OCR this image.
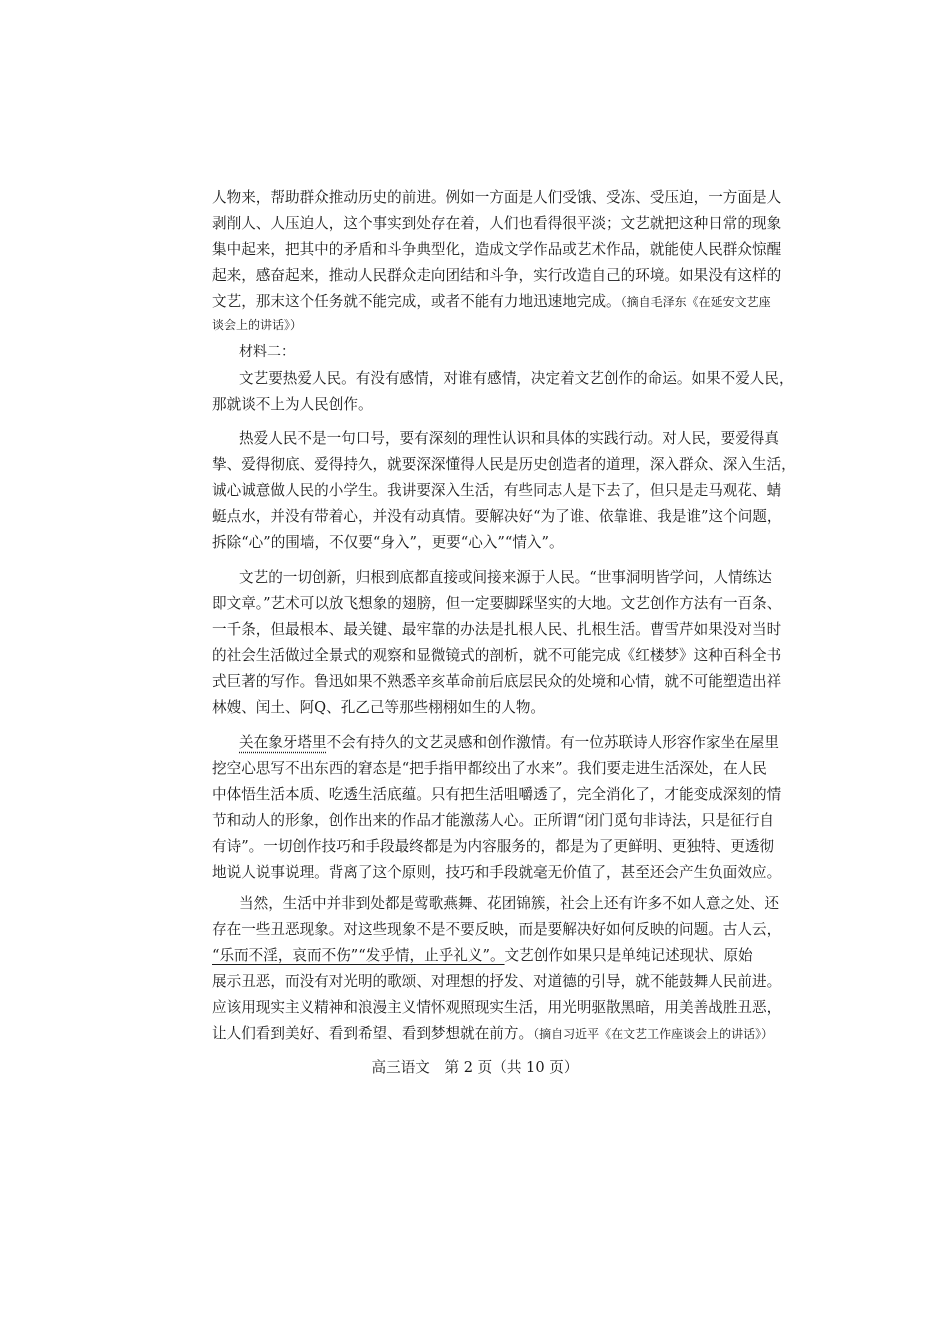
人物来，帮助群众推动历史的前进。例如一方面是人们受饿、受冻、受压迫，一方面是人
剥削人、人压迫人，这个事实到处存在着，人们也看得很平淡；文艺就把这种日常的现象
集中起来，把其中的矛盾和斗争典型化，造成文学作品或艺术作品，就能使人民群众惊醒
起来，感奋起来，推动人民群众走向团结和斗争，实行改造自己的环境。如果没有这样的
文艺，那末这个任务就不能完成，或者不能有力地迅速地完成。（摘自毛泽东《在延安文艺座
谈会上的讲话》）
材料二：
文艺要热爱人民。有没有感情，对谁有感情，决定着文艺创作的命运。如果不爱人民，
那就谈不上为人民创作。
热爱人民不是一句口号，要有深刻的理性认识和具体的实践行动。对人民，要爱得真
挚、爱得彻底、爱得持久，就要深深懂得人民是历史创造者的道理，深入群众、深入生活，
诚心诚意做人民的小学生。我讲要深入生活，有些同志人是下去了，但只是走马观花、蜻
蜓点水，并没有带着心，并没有动真情。要解决好“为了谁、依靠谁、我是谁”这个问题，
拆除“心”的围墙，不仅要“身入”，更要“心入”“情入”。
文艺的一切创新，归根到底都直接或间接来源于人民。“世事洞明皆学问，人情练达
即文章。”艺术可以放飞想象的翅膀，但一定要脚踩坚实的大地。文艺创作方法有一百条、
一千条，但最根本、最关键、最牢靠的办法是扎根人民、扎根生活。曹雪芹如果没对当时
的社会生活做过全景式的观察和显微镜式的剖析，就不可能完成《红楼梦》这种百科全书
式巨著的写作。鲁迅如果不熟悉辛亥革命前后底层民众的处境和心情，就不可能塑造出祥
林嫂、闰土、阿Q、孔乙己等那些栩栩如生的人物。
关在象牙塔里不会有持久的文艺灵感和创作激情。有一位苏联诗人形容作家坐在屋里
挖空心思写不出东西的窘态是“把手指甲都绞出了水来”。我们要走进生活深处，在人民
中体悟生活本质、吃透生活底蕴。只有把生活咀嚼透了，完全消化了，才能变成深刻的情
节和动人的形象，创作出来的作品才能激荡人心。正所谓“闭门觅句非诗法，只是征行自
有诗”。一切创作技巧和手段最终都是为内容服务的，都是为了更鲜明、更独特、更透彻
地说人说事说理。背离了这个原则，技巧和手段就毫无价值了，甚至还会产生负面效应。
当然，生活中并非到处都是莺歌燕舞、花团锦簇，社会上还有许多不如人意之处、还
存在一些丑恶现象。对这些现象不是不要反映，而是要解决好如何反映的问题。古人云，
“乐而不淫，哀而不伤”“发乎情，止乎礼义”。文艺创作如果只是单纯记述现状、原始
展示丑恶，而没有对光明的歌颂、对理想的抒发、对道德的引导，就不能鼓舞人民前进。
高三语文　第 2 页（共 10 页）
应该用现实主义精神和浪漫主义情怀观照现实生活，用光明驱散黑暗，用美善战胜丑恶，
让人们看到美好、看到希望、看到梦想就在前方。（摘自习近平《在文艺工作座谈会上的讲话》）
